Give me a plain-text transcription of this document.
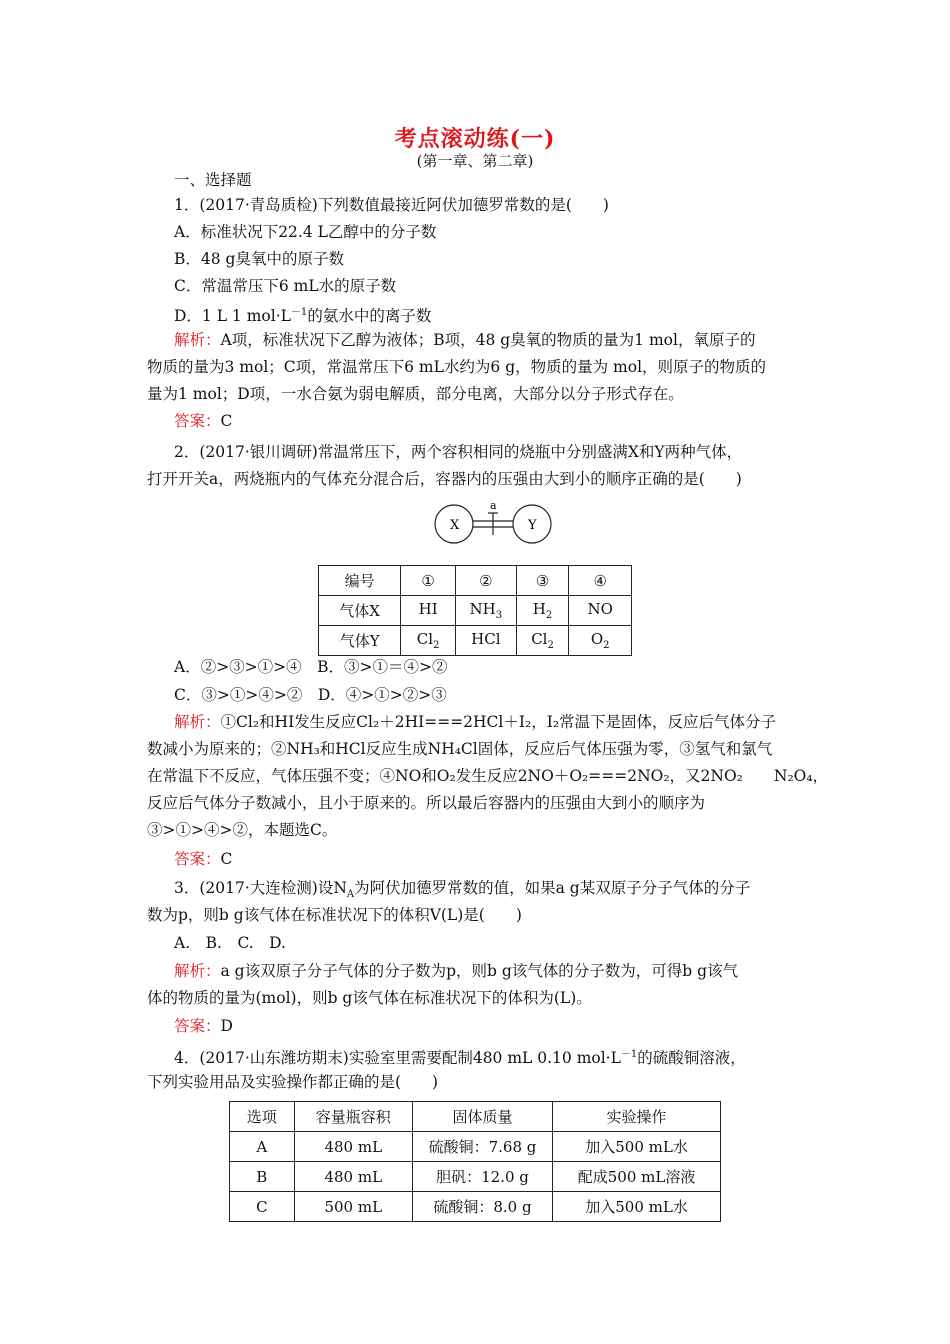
考点滚动练(一)
(第一章、第二章)
一、选择题
1．(2017·青岛质检)下列数值最接近阿伏加德罗常数的是(　　)
A．标准状况下22.4 L乙醇中的分子数
B．48 g臭氧中的原子数
C．常温常压下6 mL水的原子数
D．1 L 1 $mol\cdot L^{-1}$的氨水中的离子数
解析：A项，标准状况下乙醇为液体；B项，48 g臭氧的物质的量为1 mol，氧原子的
物质的量为3 mol；C项，常温常压下6 mL水约为6 g，物质的量为 mol，则原子的物质的
量为1 mol；D项，一水合氨为弱电解质，部分电离，大部分以分子形式存在。
答案：C
2．(2017·银川调研)常温常压下，两个容积相同的烧瓶中分别盛满X和Y两种气体，
打开开关a，两烧瓶内的气体充分混合后，容器内的压强由大到小的顺序正确的是(　　)
X	Y
a
编号	①	②	③	④
气体X	HI	$NH_3$	$H_2$	NO
气体Y	$Cl_2$	HCl	$Cl_2$	$O_2$
A．②>③>①>④　B．③>①＝④>②
C．③>①>④>②　D．④>①>②>③
解析：①Cl₂和HI发生反应Cl₂＋2HI===2HCl＋I₂，I₂常温下是固体，反应后气体分子
数减小为原来的；②NH₃和HCl反应生成NH₄Cl固体，反应后气体压强为零，③氢气和氯气
在常温下不反应，气体压强不变；④NO和O₂发生反应2NO＋O₂===2NO₂，又2NO₂　　N₂O₄，
反应后气体分子数减小，且小于原来的。所以最后容器内的压强由大到小的顺序为
③>①>④>②，本题选C。
答案：C
3．(2017·大连检测)设$N_A$为阿伏加德罗常数的值，如果a g某双原子分子气体的分子
数为p，则b g该气体在标准状况下的体积V(L)是(　　)
A.　B.　C.　D.
解析：a g该双原子分子气体的分子数为p，则b g该气体的分子数为，可得b g该气
体的物质的量为(mol)，则b g该气体在标准状况下的体积为(L)。
答案：D
4．(2017·山东潍坊期末)实验室里需要配制480 mL 0.10 $mol\cdot L^{-1}$的硫酸铜溶液，
下列实验用品及实验操作都正确的是(　　)
选项	容量瓶容积	固体质量	实验操作
A	480 mL	硫酸铜：7.68 g	加入500 mL水
B	480 mL	胆矾：12.0 g	配成500 mL溶液
C	500 mL	硫酸铜：8.0 g	加入500 mL水
